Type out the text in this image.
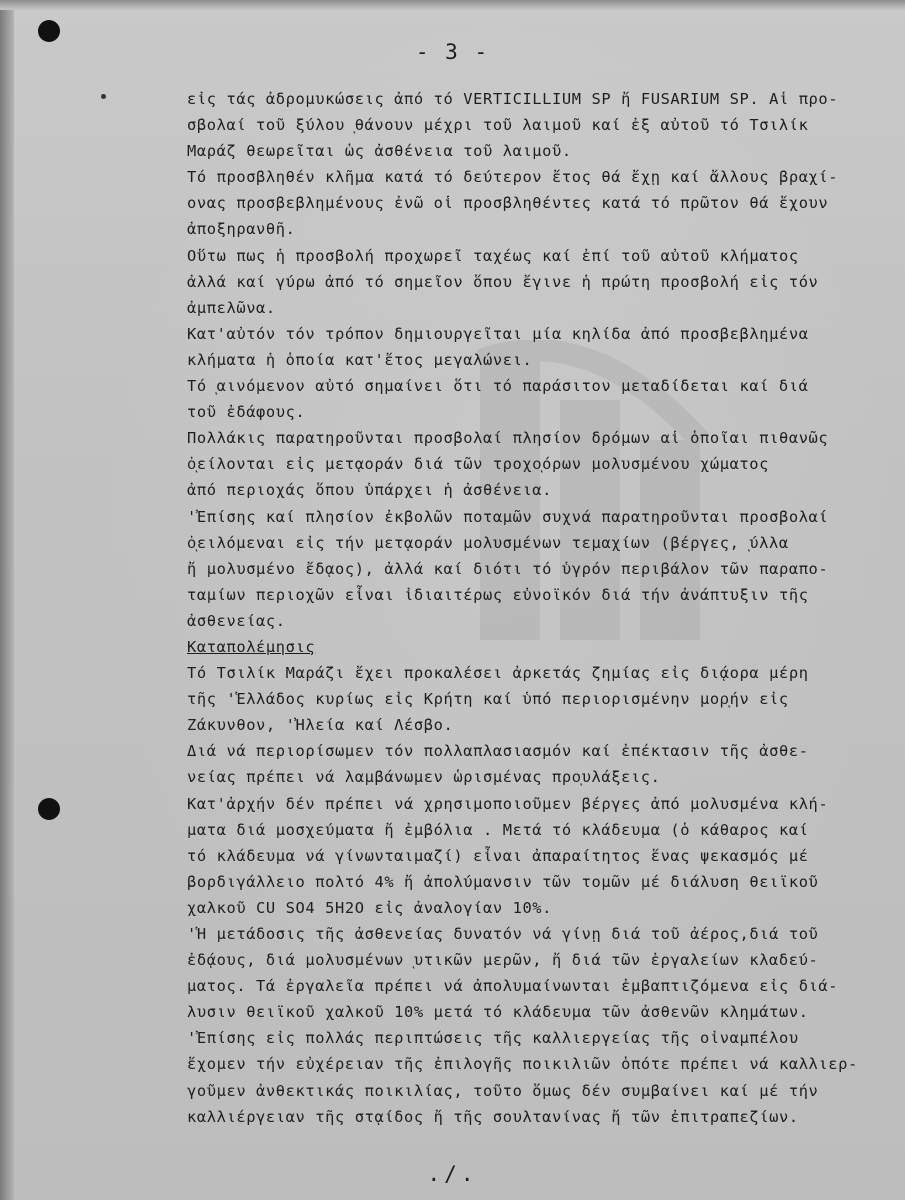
- 3 -
εἰς τάς ἀδρομυκώσεις ἀπό τό VERTICILLIUM SP ἤ FUSARIUM SP. Αἱ προ-
σβολαί τοῦ ξύλου ͅθάνουν μέχρι τοῦ λαιμοῦ καί ἐξ αὐτοῦ τό Τσιλίκ
Μαράζ θεωρεῖται ὡς ἀσθένεια τοῦ λαιμοῦ.
Τό προσβληθέν κλῆμα κατά τό δεύτερον ἔτος θά ἔχῃ καί ἄλλους βραχί-
ονας προσβεβλημένους ἐνῶ οἱ προσβληθέντες κατά τό πρῶτον θά ἔχουν
ἀποξηρανθῆ.
Οὕτω πως ἡ προσβολή προχωρεῖ ταχέως καί ἐπί τοῦ αὐτοῦ κλήματος
ἀλλά καί γύρω ἀπό τό σημεῖον ὅπου ἔγινε ἡ πρώτη προσβολή εἰς τόν
ἀμπελῶνα.
Κατ'αὐτόν τόν τρόπον δημιουργεῖται μία κηλίδα ἀπό προσβεβλημένα
κλήματα ἡ ὁποία κατ'ἔτος μεγαλώνει.
Τό ͅαινόμενον αὐτό σημαίνει ὅτι τό παράσιτον μεταδίδεται καί διά
τοῦ ἐδάφους.
Πολλάκις παρατηροῦνται προσβολαί πλησίον δρόμων αἱ ὁποῖαι πιθανῶς
ὀͅείλονται εἰς μετᾳοράν διά τῶν τροχοͅόρων μολυσμένου χώματος
ἀπό περιοχάς ὅπου ὑπάρχει ἡ ἀσθένεια.
'Ἐπίσης καί πλησίον ἐκβολῶν ποταμῶν συχνά παρατηροῦνται προσβολαί
ὀͅειλόμεναι εἰς τήν μετᾳοράν μολυσμένων τεμαχίων (βέργες, ͅύλλα
ἤ μολυσμένο ἔδᾳος), ἀλλά καί διότι τό ὑγρόν περιβάλον τῶν παραπο-
ταμίων περιοχῶν εἶναι ἰδιαιτέρως εὐνοϊκόν διά τήν ἀνάπτυξιν τῆς
ἀσθενείας.
Καταπολέμησις
Τό Τσιλίκ Μαράζι ἔχει προκαλέσει ἀρκετάς ζημίας εἰς διᾴορα μέρη
τῆς 'Ἑλλάδος κυρίως εἰς Κρήτη καί ὑπό περιορισμένην μορͅήν εἰς
Ζάκυνθον, 'Ἠλεία καί Λέσβο.
Διά νά περιορίσωμεν τόν πολλαπλασιασμόν καί ἐπέκτασιν τῆς ἀσθε-
νείας πρέπει νά λαμβάνωμεν ὡρισμένας προͅυλάξεις.
Κατ'ἀρχήν δέν πρέπει νά χρησιμοποιοῦμεν βέργες ἀπό μολυσμένα κλή-
ματα διά μοσχεύματα ἤ ἐμβόλια . Μετά τό κλάδευμα (ὁ κάθαρος καί
τό κλάδευμα νά γίνωνταιμαζί) εἶναι ἀπαραίτητος ἕνας ψεκασμός μέ
βορδιγάλλειο πολτό 4% ἤ ἀπολύμανσιν τῶν τομῶν μέ διάλυση θειϊκοῦ
χαλκοῦ CU SO4 5H2O εἰς ἀναλογίαν 10%.
'Ἡ μετάδοσις τῆς ἀσθενείας δυνατόν νά γίνῃ διά τοῦ ἀέρος,διά τοῦ
ἐδᾴους, διά μολυσμένων ͅυτικῶν μερῶν, ἤ διά τῶν ἐργαλείων κλαδεύ-
ματος. Τά ἐργαλεῖα πρέπει νά ἀπολυμαίνωνται ἐμβαπτιζόμενα εἰς διά-
λυσιν θειϊκοῦ χαλκοῦ 10% μετά τό κλάδευμα τῶν ἀσθενῶν κλημάτων.
'Ἐπίσης εἰς πολλάς περιπτώσεις τῆς καλλιεργείας τῆς οἰναμπέλου
ἔχομεν τήν εὐχέρειαν τῆς ἐπιλογῆς ποικιλιῶν ὁπότε πρέπει νά καλλιερ-
γοῦμεν ἀνθεκτικάς ποικιλίας, τοῦτο ὅμως δέν συμβαίνει καί μέ τήν
καλλιέργειαν τῆς στᾳίδος ἤ τῆς σουλτανίνας ἤ τῶν ἐπιτραπεζίων.
./.
